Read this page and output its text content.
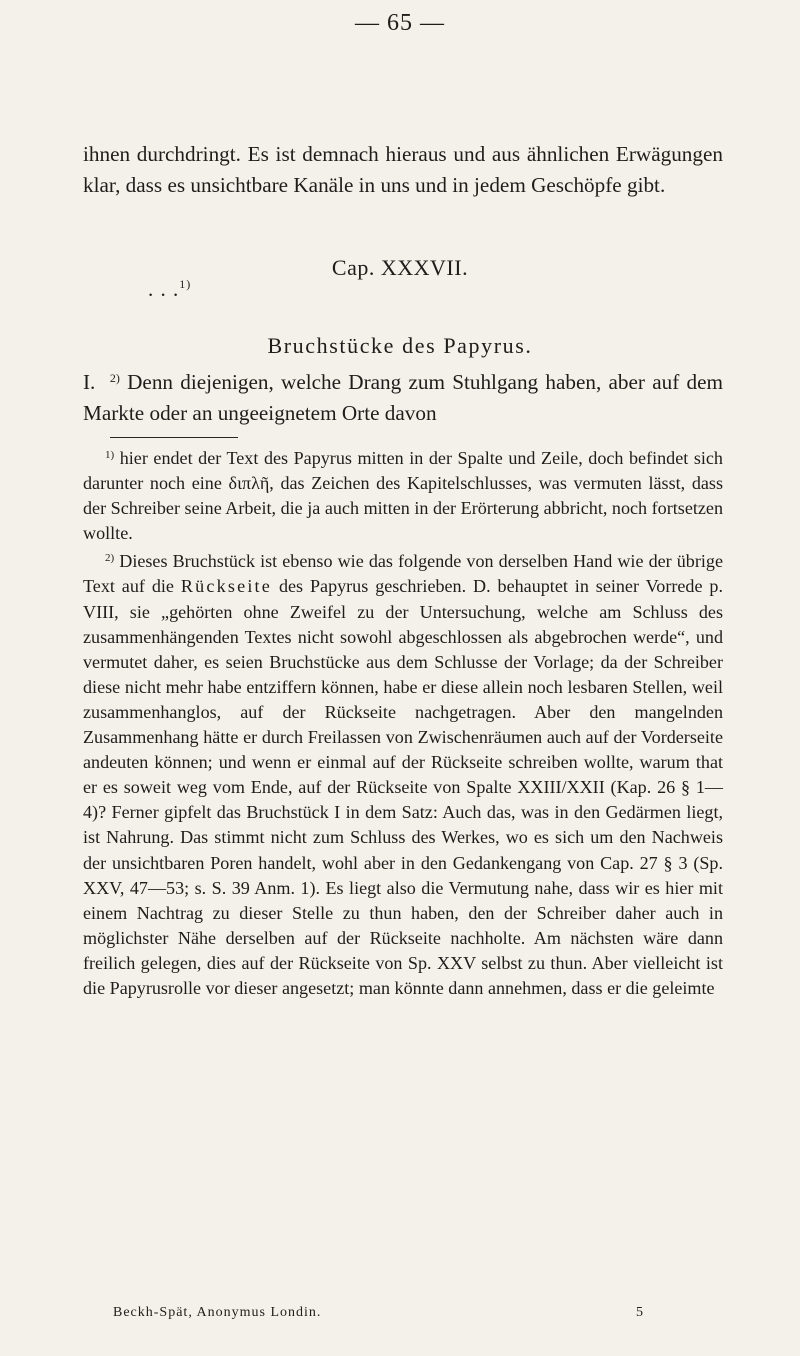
— 65 —

ihnen durchdringt. Es ist demnach hieraus und aus ähnlichen Erwägungen klar, dass es unsichtbare Kanäle in uns und in jedem Geschöpfe gibt.

Cap. XXXVII.
. . .$^{1)}$
Bruchstücke des Papyrus.

I. $^{2)}$ Denn diejenigen, welche Drang zum Stuhlgang haben, aber auf dem Markte oder an ungeeignetem Orte davon

$^{1)}$ hier endet der Text des Papyrus mitten in der Spalte und Zeile, doch befindet sich darunter noch eine διπλῆ, das Zeichen des Kapitelschlusses, was vermuten lässt, dass der Schreiber seine Arbeit, die ja auch mitten in der Erörterung abbricht, noch fortsetzen wollte.

$^{2)}$ Dieses Bruchstück ist ebenso wie das folgende von derselben Hand wie der übrige Text auf die Rückseite des Papyrus geschrieben. D. behauptet in seiner Vorrede p. VIII, sie „gehörten ohne Zweifel zu der Untersuchung, welche am Schluss des zusammenhängenden Textes nicht sowohl abgeschlossen als abgebrochen werde“, und vermutet daher, es seien Bruchstücke aus dem Schlusse der Vorlage; da der Schreiber diese nicht mehr habe entziffern können, habe er diese allein noch lesbaren Stellen, weil zusammenhanglos, auf der Rückseite nachgetragen. Aber den mangelnden Zusammenhang hätte er durch Freilassen von Zwischenräumen auch auf der Vorderseite andeuten können; und wenn er einmal auf der Rückseite schreiben wollte, warum that er es soweit weg vom Ende, auf der Rückseite von Spalte XXIII/XXII (Kap. 26 § 1—4)? Ferner gipfelt das Bruchstück I in dem Satz: Auch das, was in den Gedärmen liegt, ist Nahrung. Das stimmt nicht zum Schluss des Werkes, wo es sich um den Nachweis der unsichtbaren Poren handelt, wohl aber in den Gedankengang von Cap. 27 § 3 (Sp. XXV, 47—53; s. S. 39 Anm. 1). Es liegt also die Vermutung nahe, dass wir es hier mit einem Nachtrag zu dieser Stelle zu thun haben, den der Schreiber daher auch in möglichster Nähe derselben auf der Rückseite nachholte. Am nächsten wäre dann freilich gelegen, dies auf der Rückseite von Sp. XXV selbst zu thun. Aber vielleicht ist die Papyrusrolle vor dieser angesetzt; man könnte dann annehmen, dass er die geleimte

Beckh-Spät, Anonymus Londin.	5
